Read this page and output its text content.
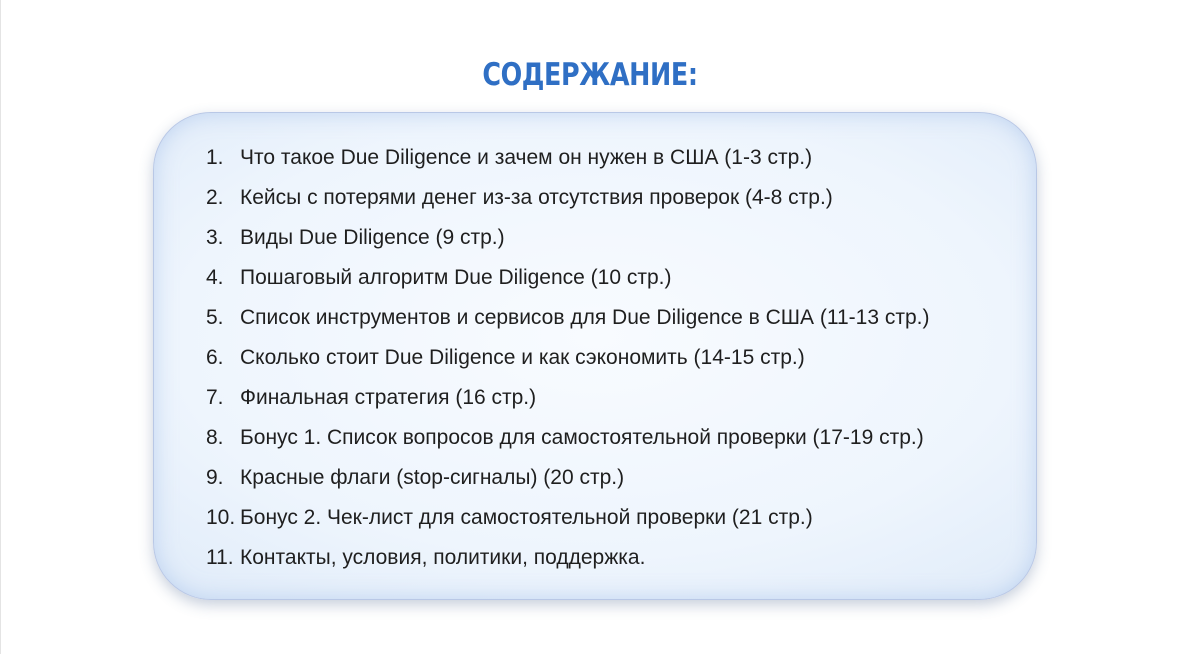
СОДЕРЖАНИЕ:
1. Что такое Due Diligence и зачем он нужен в США (1-3 стр.)
2. Кейсы с потерями денег из-за отсутствия проверок (4-8 стр.)
3. Виды Due Diligence (9 стр.)
4. Пошаговый алгоритм Due Diligence (10 стр.)
5. Список инструментов и сервисов для Due Diligence в США (11-13 стр.)
6. Сколько стоит Due Diligence и как сэкономить (14-15 стр.)
7. Финальная стратегия (16 стр.)
8. Бонус 1. Список вопросов для самостоятельной проверки (17-19 стр.)
9. Красные флаги (stop-сигналы) (20 стр.)
10. Бонус 2. Чек-лист для самостоятельной проверки (21 стр.)
11. Контакты, условия, политики, поддержка.
